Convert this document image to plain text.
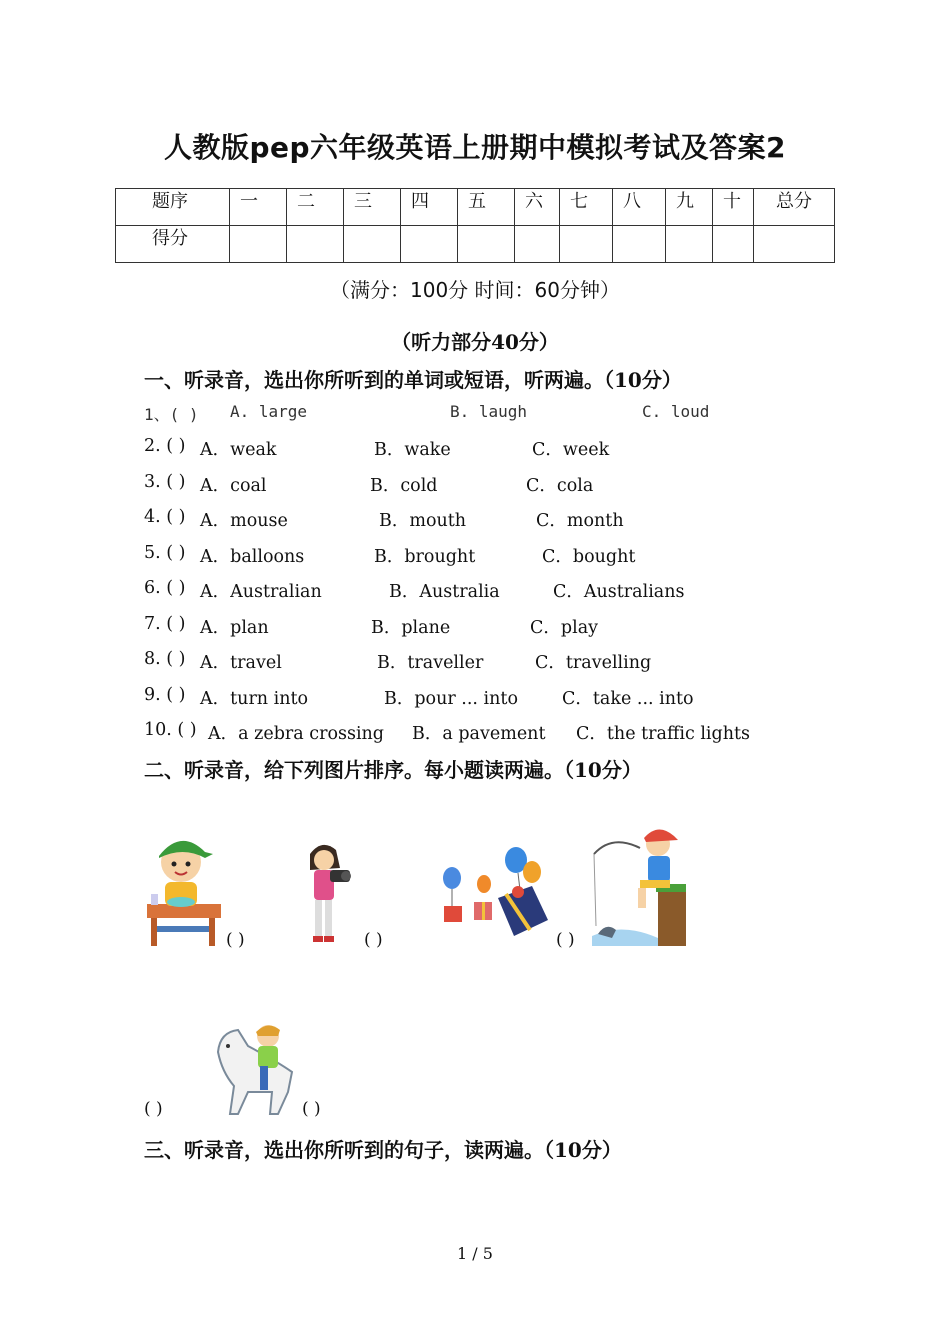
人教版pep六年级英语上册期中模拟考试及答案2
题序	一	二	三	四	五	六	七	八	九	十	总分
得分											
（满分：100分 时间：60分钟）
（听力部分40分）
一、听录音，选出你所听到的单词或短语，听两遍。（10分）
1、( ) A. large	B. laugh	C. loud
2. ( ) A．weak	B．wake	C．week
3. ( ) A．coal	B．cold	C．cola
4. ( ) A．mouse	B．mouth	C．month
5. ( ) A．balloons	B．brought	C．bought
6. ( ) A．Australian	B．Australia	C．Australians
7. ( ) A．plan	B．plane	C．play
8. ( ) A．travel	B．traveller	C．travelling
9. ( ) A．turn into	B．pour ... into	C．take ... into
10. ( ) A．a zebra crossing B．a pavement C．the traffic lights
二、听录音，给下列图片排序。每小题读两遍。（10分）
( )	( )	( )
( )	( )
三、听录音，选出你所听到的句子，读两遍。（10分）
1 / 5
